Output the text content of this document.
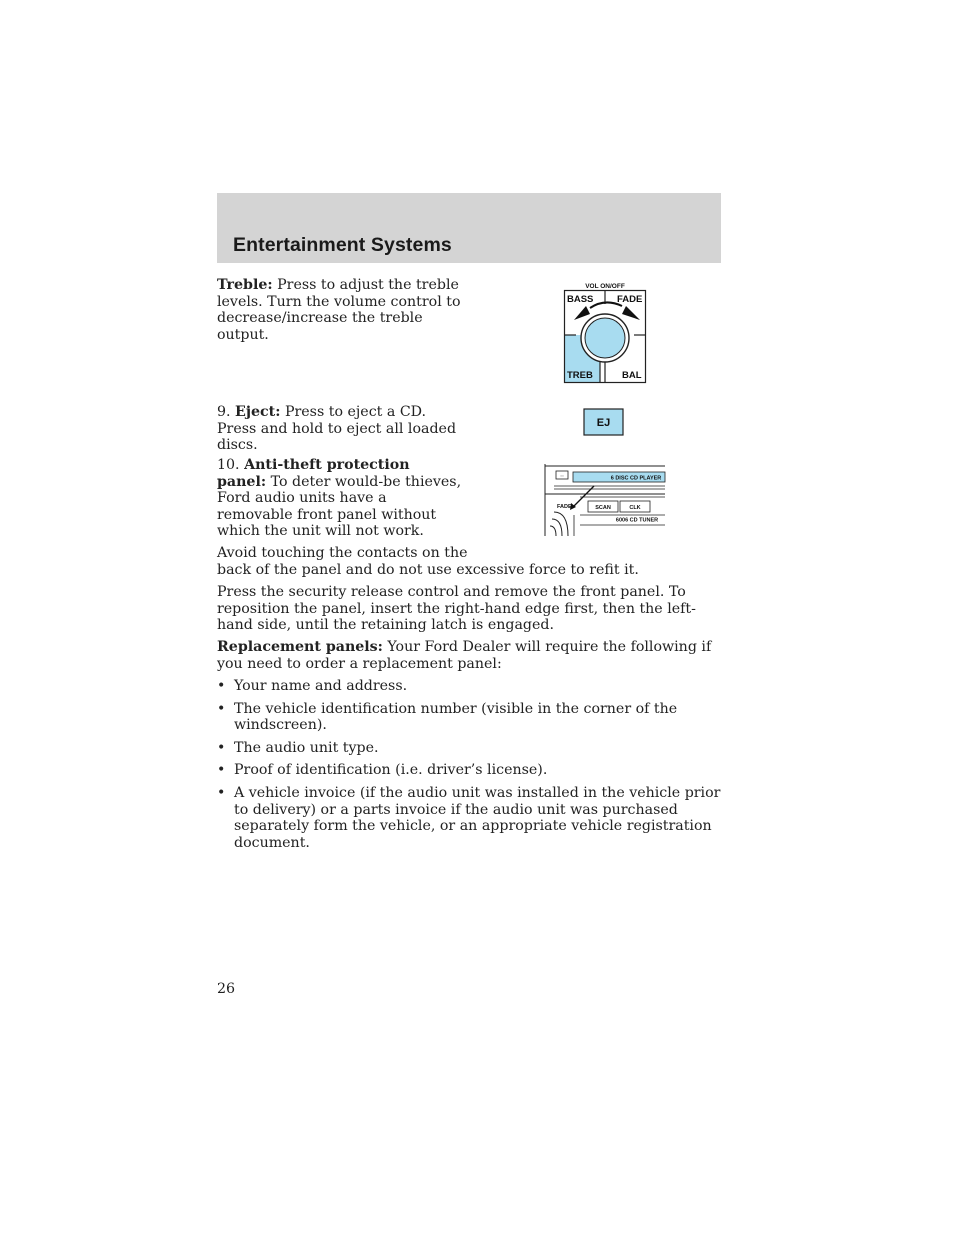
Entertainment Systems
Treble: Press to adjust the treble levels. Turn the volume control to decrease/increase the treble output.
VOL ON/OFF
BASS FADE
TREB	BAL
9. Eject: Press to eject a CD. Press and hold to eject all loaded discs.
EJ
10. Anti-theft protection panel: To deter would-be thieves, Ford audio units have a removable front panel without which the unit will not work.
Avoid touching the contacts on the
back of the panel and do not use excessive force to refit it.
◦◦	6 DISC CD PLAYER
SCAN	CLK
FADE
6006 CD TUNER
Press the security release control and remove the front panel. To reposition the panel, insert the right-hand edge first, then the left-hand side, until the retaining latch is engaged.
Replacement panels: Your Ford Dealer will require the following if you need to order a replacement panel:
• Your name and address.
• The vehicle identification number (visible in the corner of the windscreen).
• The audio unit type.
• Proof of identification (i.e. driver’s license).
• A vehicle invoice (if the audio unit was installed in the vehicle prior to delivery) or a parts invoice if the audio unit was purchased separately form the vehicle, or an appropriate vehicle registration document.
26
